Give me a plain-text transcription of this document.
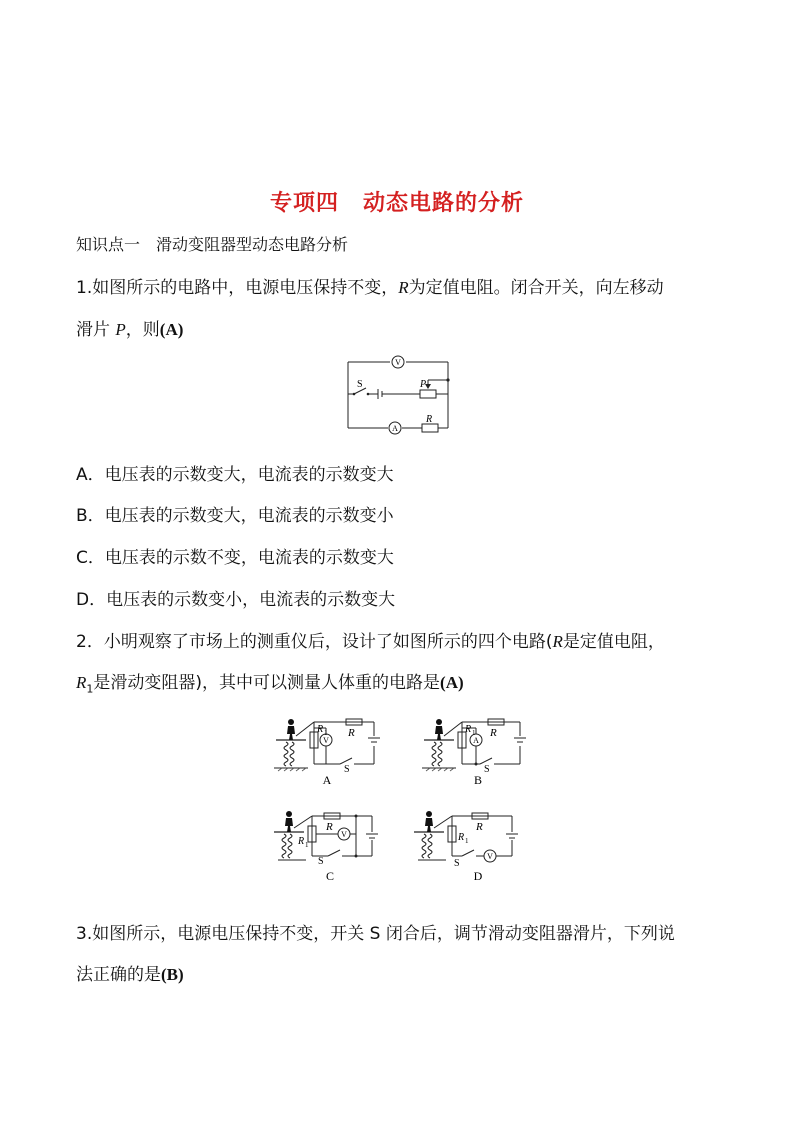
专项四 动态电路的分析
知识点一　滑动变阻器型动态电路分析
1.如图所示的电路中，电源电压保持不变，R为定值电阻。闭合开关，向左移动
滑片 P，则(A)
V
A
S	P
R
A．电压表的示数变大，电流表的示数变大
B．电压表的示数变大，电流表的示数变小
C．电压表的示数不变，电流表的示数变大
D．电压表的示数变小，电流表的示数变大
2．小明观察了市场上的测重仪后，设计了如图所示的四个电路(R是定值电阻，
$R_1$是滑动变阻器)，其中可以测量人体重的电路是(A)
R 1
V
R
S
A
R 1
A
R
S
B
R 1
V
R
S
C
R 1
V
R
S
D
3.如图所示，电源电压保持不变，开关 S 闭合后，调节滑动变阻器滑片，下列说
法正确的是(B)
